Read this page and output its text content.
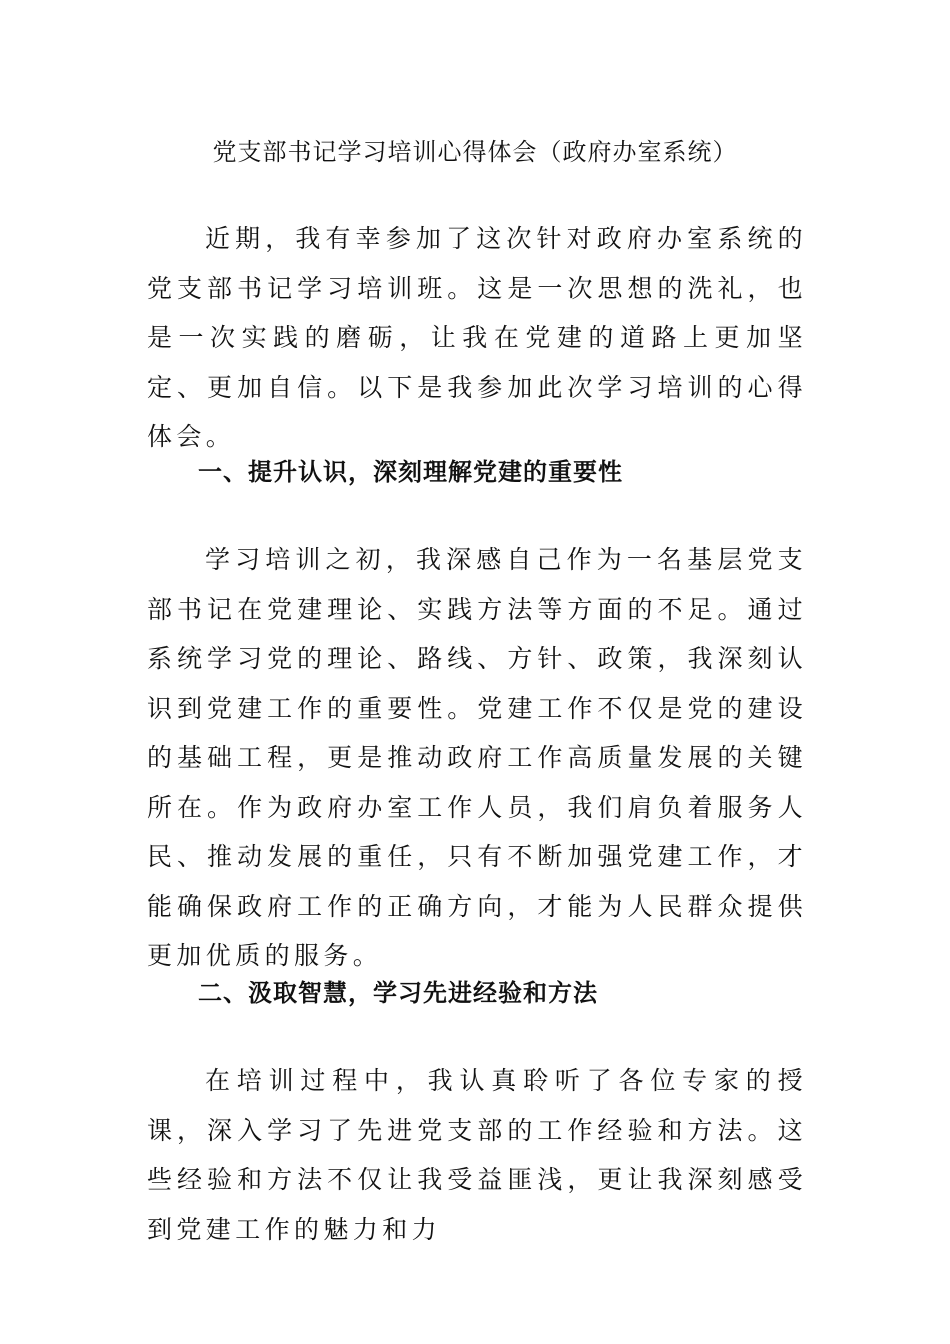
党支部书记学习培训心得体会（政府办室系统）

近期，我有幸参加了这次针对政府办室系统的党支部书记学习培训班。这是一次思想的洗礼，也是一次实践的磨砺，让我在党建的道路上更加坚定、更加自信。以下是我参加此次学习培训的心得体会。

一、提升认识，深刻理解党建的重要性

学习培训之初，我深感自己作为一名基层党支部书记在党建理论、实践方法等方面的不足。通过系统学习党的理论、路线、方针、政策，我深刻认识到党建工作的重要性。党建工作不仅是党的建设的基础工程，更是推动政府工作高质量发展的关键所在。作为政府办室工作人员，我们肩负着服务人民、推动发展的重任，只有不断加强党建工作，才能确保政府工作的正确方向，才能为人民群众提供更加优质的服务。

二、汲取智慧，学习先进经验和方法

在培训过程中，我认真聆听了各位专家的授课，深入学习了先进党支部的工作经验和方法。这些经验和方法不仅让我受益匪浅，更让我深刻感受到党建工作的魅力和力
